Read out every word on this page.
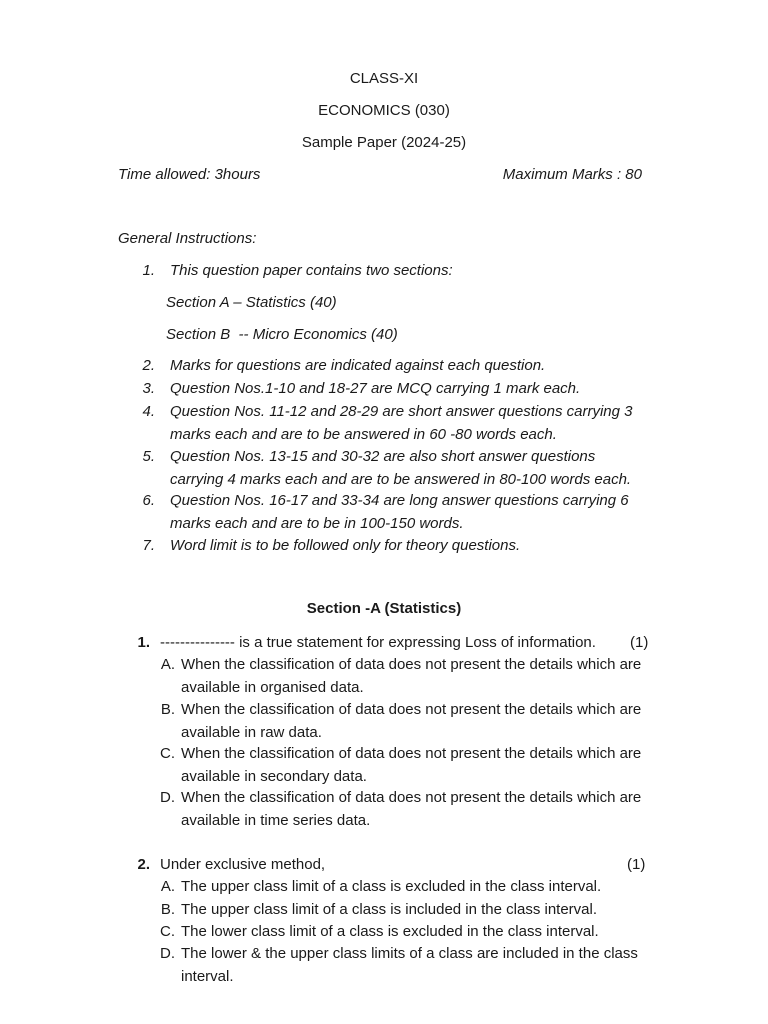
CLASS-XI
ECONOMICS (030)
Sample Paper (2024-25)
Time allowed: 3hours	Maximum Marks : 80
General Instructions:
1. This question paper contains two sections:
Section A – Statistics (40)
Section B  -- Micro Economics (40)
2. Marks for questions are indicated against each question.
3. Question Nos.1-10 and 18-27 are MCQ carrying 1 mark each.
4. Question Nos. 11-12 and 28-29 are short answer questions carrying 3
marks each and are to be answered in 60 -80 words each.
5. Question Nos. 13-15 and 30-32 are also short answer questions
carrying 4 marks each and are to be answered in 80-100 words each.
6. Question Nos. 16-17 and 33-34 are long answer questions carrying 6
marks each and are to be in 100-150 words.
7. Word limit is to be followed only for theory questions.
Section -A (Statistics)
1. --------------- is a true statement for expressing Loss of information. (1)
A. When the classification of data does not present the details which are
available in organised data.
B. When the classification of data does not present the details which are
available in raw data.
C. When the classification of data does not present the details which are
available in secondary data.
D. When the classification of data does not present the details which are
available in time series data.
2. Under exclusive method,	(1)
A. The upper class limit of a class is excluded in the class interval.
B. The upper class limit of a class is included in the class interval.
C. The lower class limit of a class is excluded in the class interval.
D. The lower & the upper class limits of a class are included in the class
interval.
